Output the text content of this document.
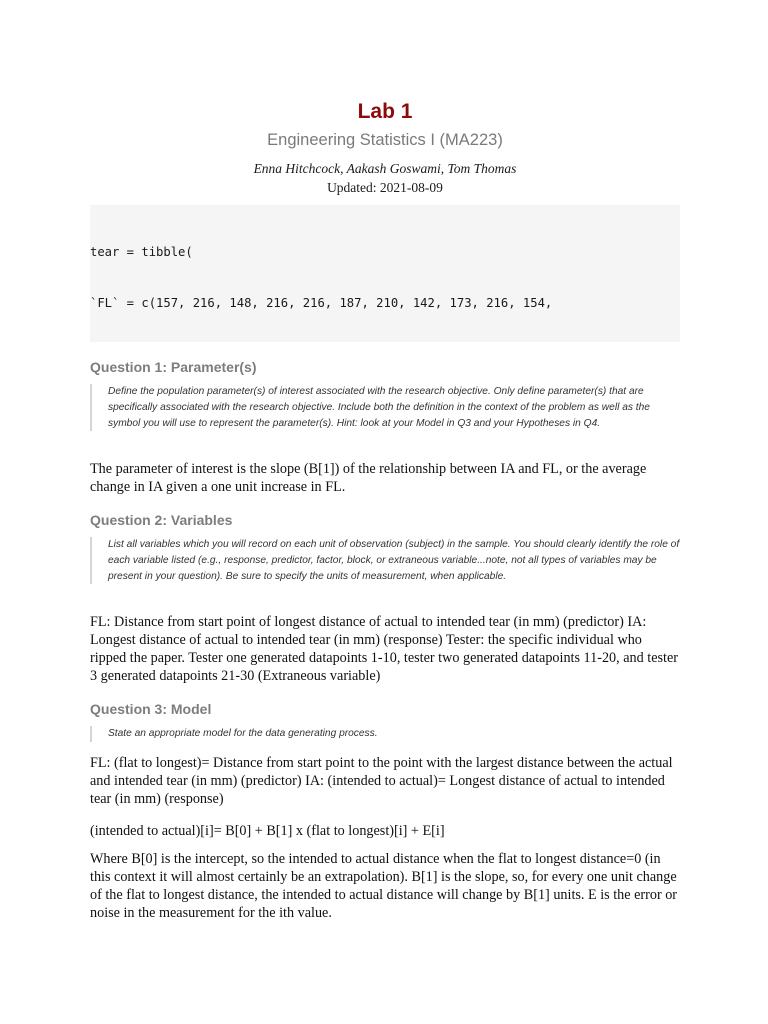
Lab 1
Engineering Statistics I (MA223)
Enna Hitchcock, Aakash Goswami, Tom Thomas
Updated: 2021-08-09

tear = tibble(

`FL` = c(157, 216, 148, 216, 216, 187, 210, 142, 173, 216, 154,

Question 1: Parameter(s)
Define the population parameter(s) of interest associated with the research objective. Only define parameter(s) that are specifically associated with the research objective. Include both the definition in the context of the problem as well as the symbol you will use to represent the parameter(s). Hint: look at your Model in Q3 and your Hypotheses in Q4.
The parameter of interest is the slope (B[1]) of the relationship between IA and FL, or the average change in IA given a one unit increase in FL.
Question 2: Variables
List all variables which you will record on each unit of observation (subject) in the sample. You should clearly identify the role of each variable listed (e.g., response, predictor, factor, block, or extraneous variable...note, not all types of variables may be present in your question). Be sure to specify the units of measurement, when applicable.
FL: Distance from start point of longest distance of actual to intended tear (in mm) (predictor) IA: Longest distance of actual to intended tear (in mm) (response) Tester: the specific individual who ripped the paper. Tester one generated datapoints 1-10, tester two generated datapoints 11-20, and tester 3 generated datapoints 21-30 (Extraneous variable)
Question 3: Model
State an appropriate model for the data generating process.
FL: (flat to longest)= Distance from start point to the point with the largest distance between the actual and intended tear (in mm) (predictor) IA: (intended to actual)= Longest distance of actual to intended tear (in mm) (response)
(intended to actual)[i]= B[0] + B[1] x (flat to longest)[i] + E[i]
Where B[0] is the intercept, so the intended to actual distance when the flat to longest distance=0 (in this context it will almost certainly be an extrapolation). B[1] is the slope, so, for every one unit change of the flat to longest distance, the intended to actual distance will change by B[1] units. E is the error or noise in the measurement for the ith value.
